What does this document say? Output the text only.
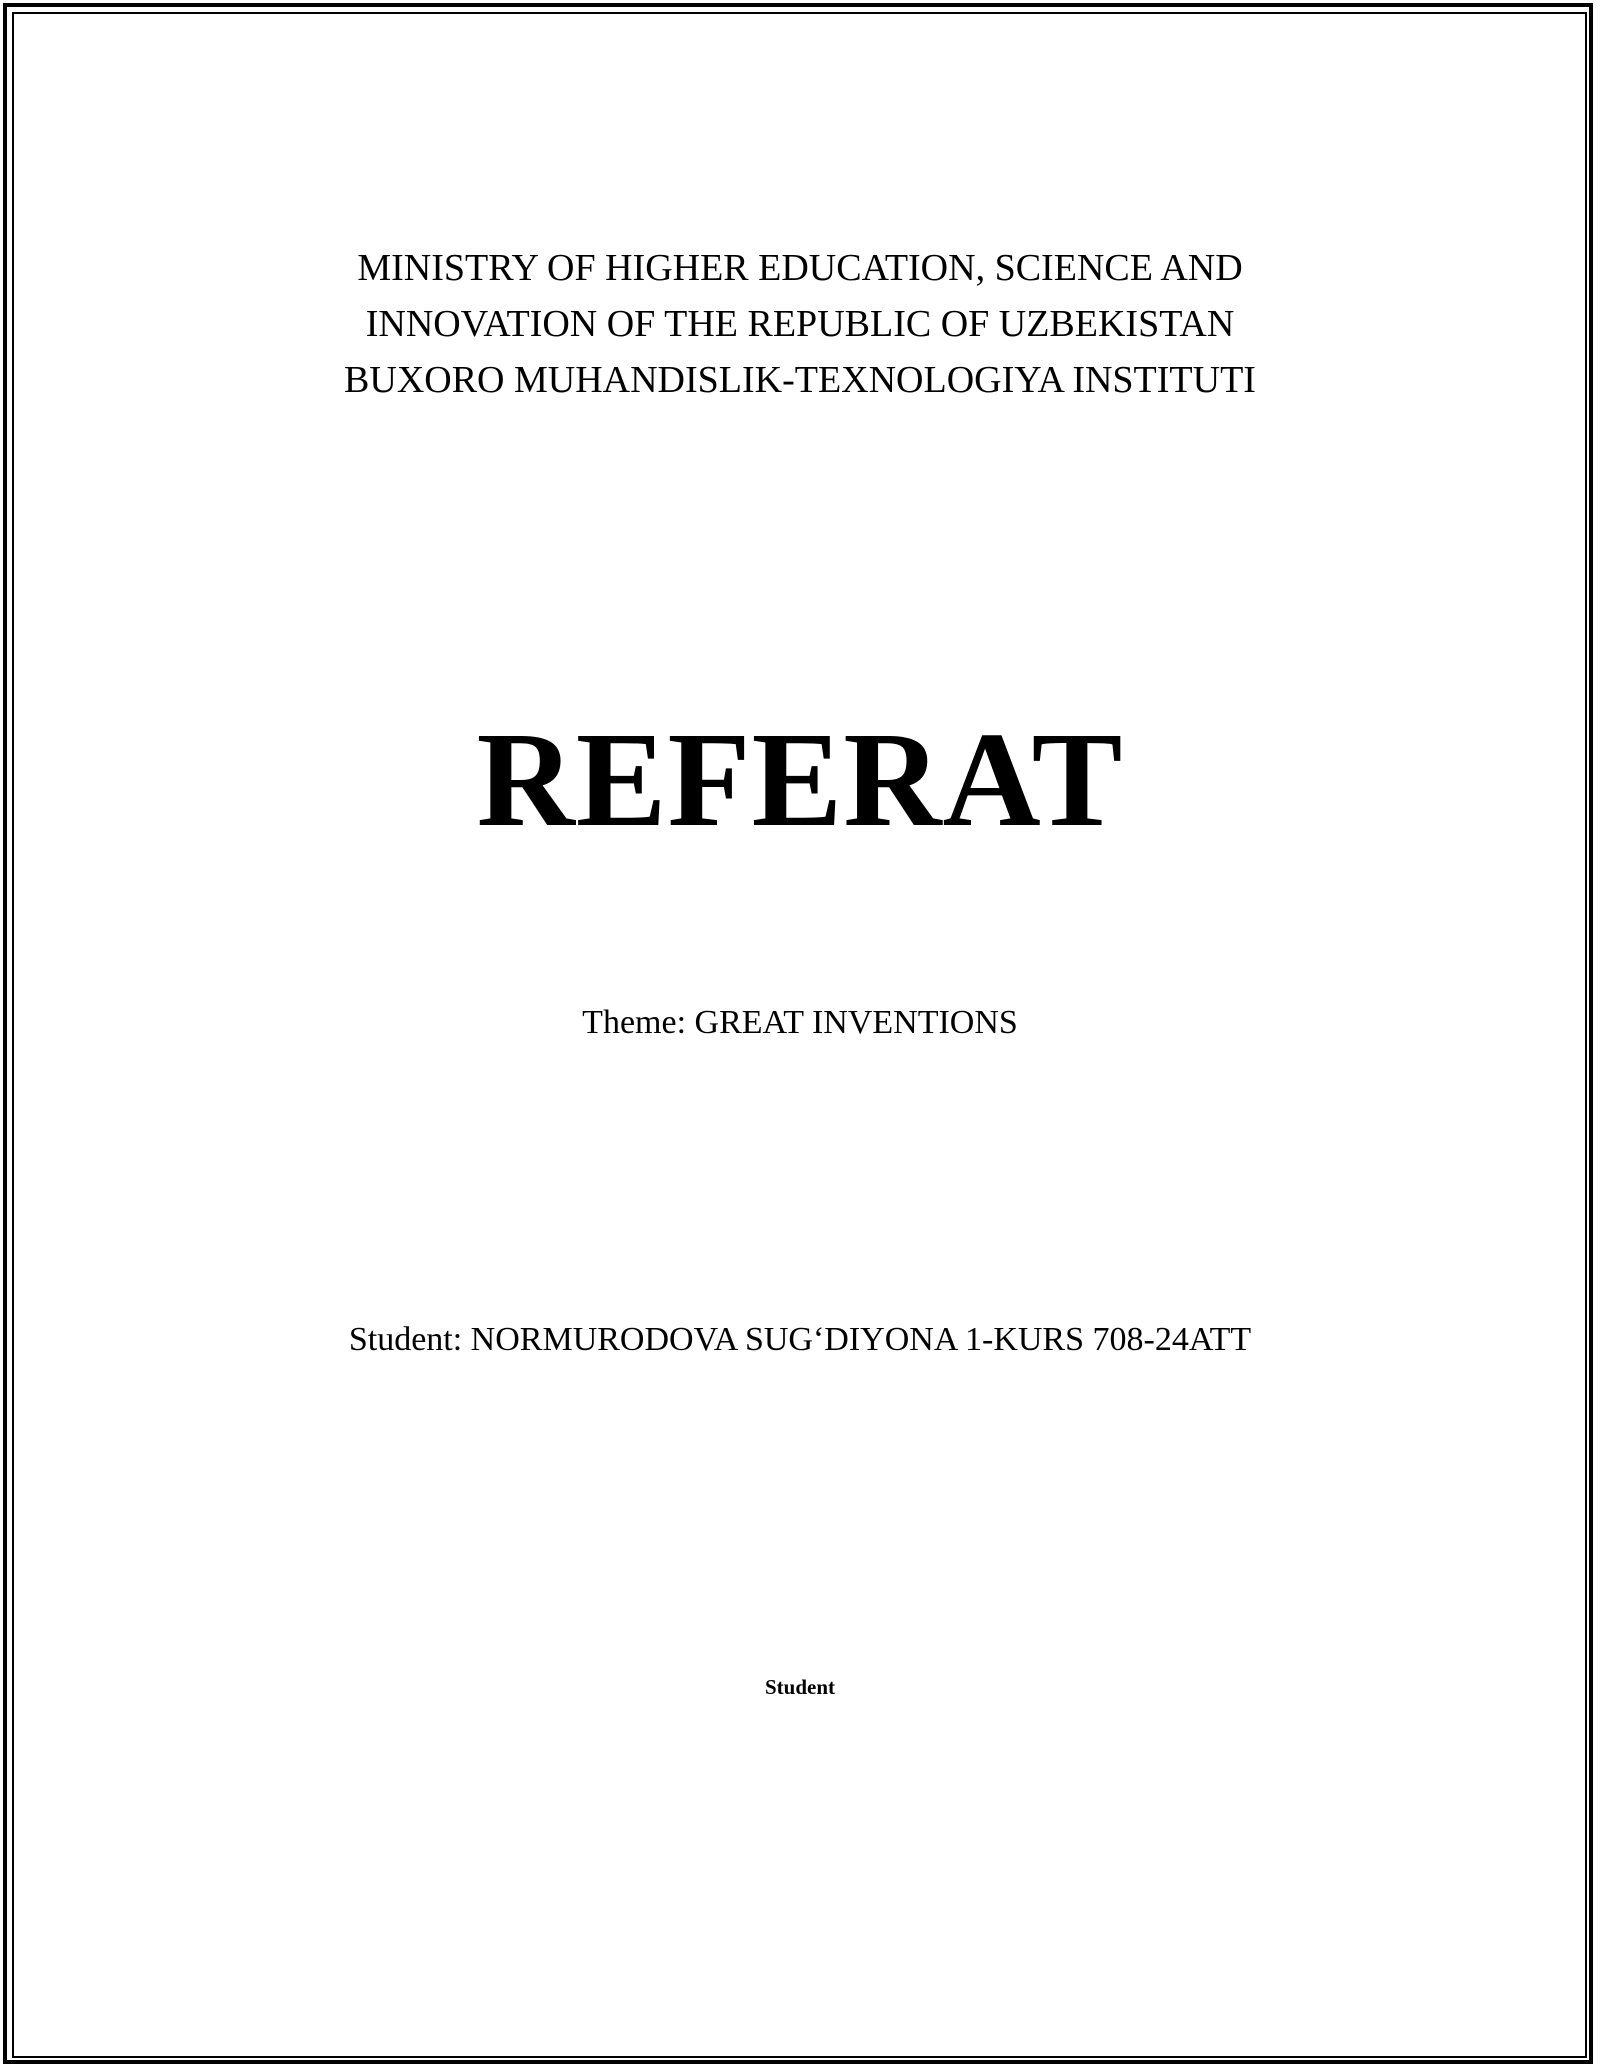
MINISTRY OF HIGHER EDUCATION, SCIENCE AND
INNOVATION OF THE REPUBLIC OF UZBEKISTAN
BUXORO MUHANDISLIK-TEXNOLOGIYA INSTITUTI
REFERAT
Theme: GREAT INVENTIONS
Student: NORMURODOVA SUG‘DIYONA 1-KURS 708-24ATT
Student
